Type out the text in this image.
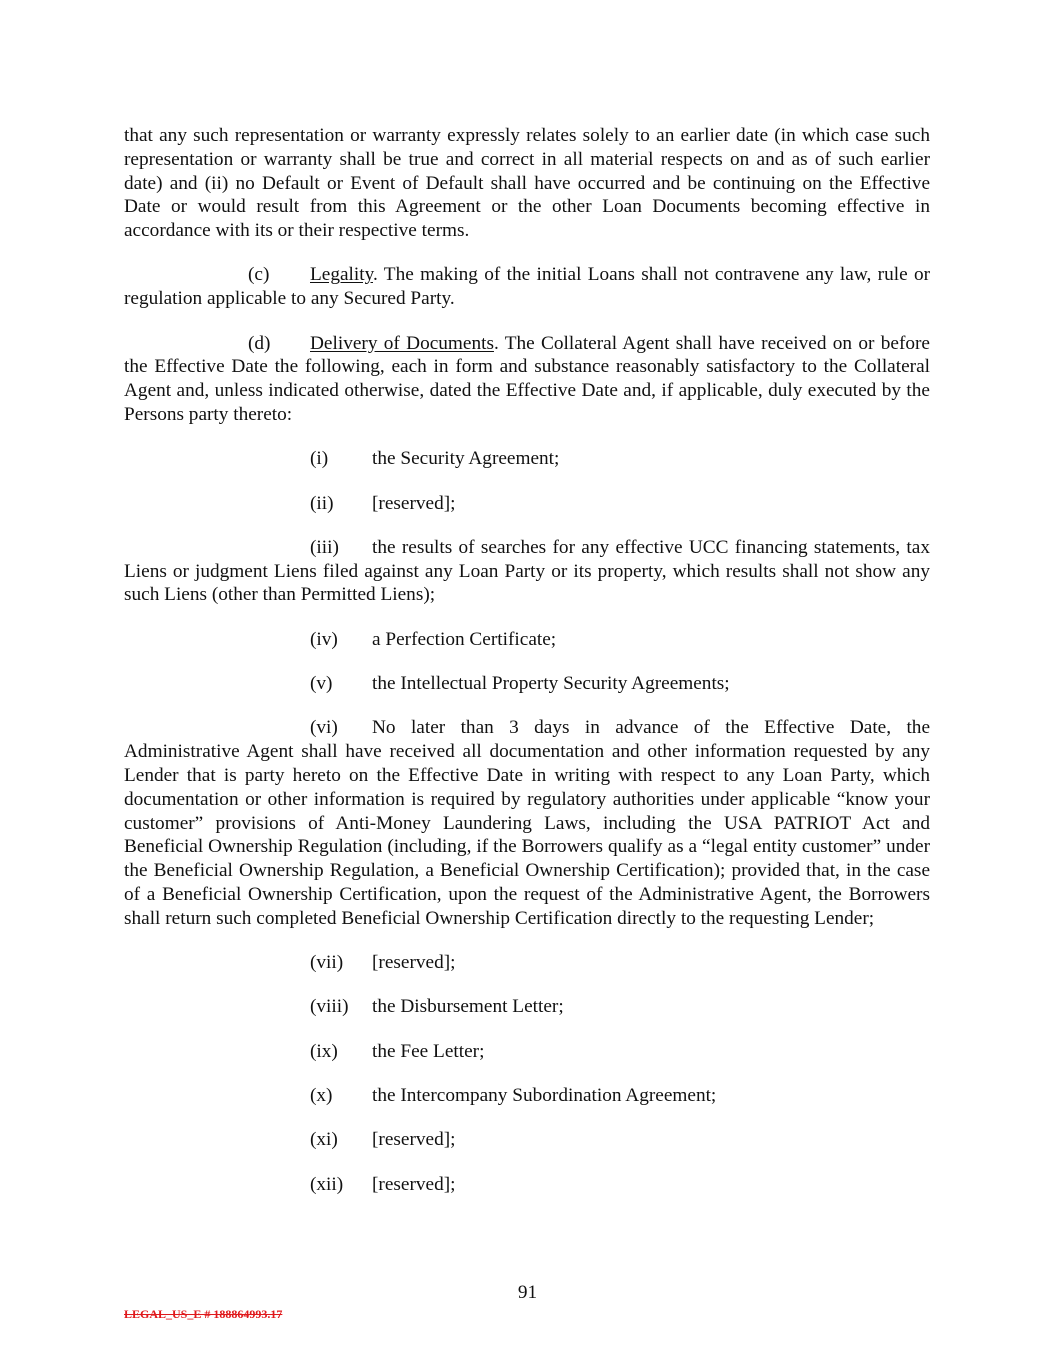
that any such representation or warranty expressly relates solely to an earlier date (in which case such representation or warranty shall be true and correct in all material respects on and as of such earlier date) and (ii) no Default or Event of Default shall have occurred and be continuing on the Effective Date or would result from this Agreement or the other Loan Documents becoming effective in accordance with its or their respective terms.

(c) Legality. The making of the initial Loans shall not contravene any law, rule or regulation applicable to any Secured Party.

(d) Delivery of Documents. The Collateral Agent shall have received on or before the Effective Date the following, each in form and substance reasonably satisfactory to the Collateral Agent and, unless indicated otherwise, dated the Effective Date and, if applicable, duly executed by the Persons party thereto:

(i) the Security Agreement;

(ii) [reserved];

(iii) the results of searches for any effective UCC financing statements, tax Liens or judgment Liens filed against any Loan Party or its property, which results shall not show any such Liens (other than Permitted Liens);

(iv) a Perfection Certificate;

(v) the Intellectual Property Security Agreements;

(vi) No later than 3 days in advance of the Effective Date, the Administrative Agent shall have received all documentation and other information requested by any Lender that is party hereto on the Effective Date in writing with respect to any Loan Party, which documentation or other information is required by regulatory authorities under applicable “know your customer” provisions of Anti-Money Laundering Laws, including the USA PATRIOT Act and Beneficial Ownership Regulation (including, if the Borrowers qualify as a “legal entity customer” under the Beneficial Ownership Regulation, a Beneficial Ownership Certification); provided that, in the case of a Beneficial Ownership Certification, upon the request of the Administrative Agent, the Borrowers shall return such completed Beneficial Ownership Certification directly to the requesting Lender;

(vii) [reserved];

(viii) the Disbursement Letter;

(ix) the Fee Letter;

(x) the Intercompany Subordination Agreement;

(xi) [reserved];

(xii) [reserved];

91
LEGAL_US_E # 188864993.17
